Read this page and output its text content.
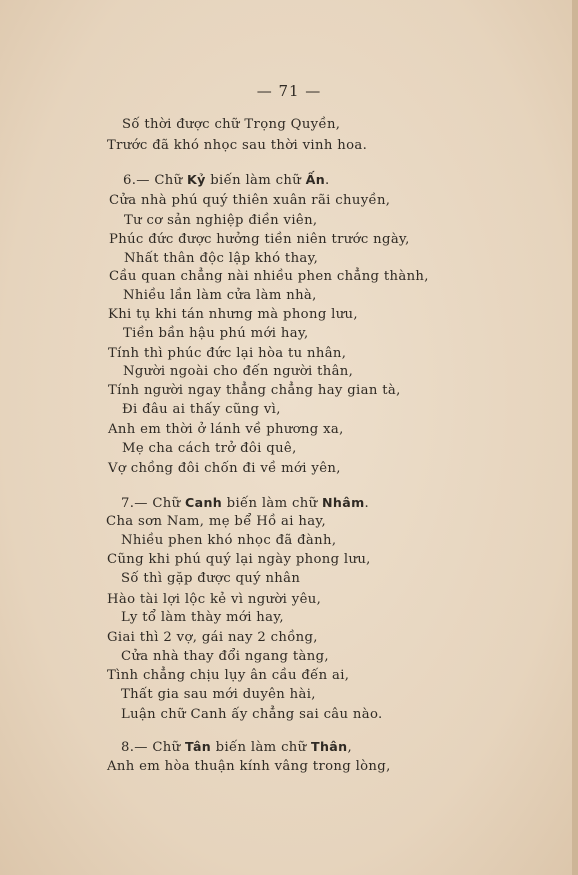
— 71 —
Số thời được chữ Trọng Quyền,
Trước đã khó nhọc sau thời vinh hoa.
6.— Chữ Kỷ biến làm chữ Ấn.
Cửa nhà phú quý thiên xuân rãi chuyền,
Tư cơ sản nghiệp điền viên,
Phúc đức được hưởng tiền niên trước ngày,
Nhất thân độc lập khó thay,
Cầu quan chẳng nài nhiều phen chẳng thành,
Nhiều lần làm cửa làm nhà,
Khi tụ khi tán nhưng mà phong lưu,
Tiền bần hậu phú mới hay,
Tính thì phúc đức lại hòa tu nhân,
Người ngoài cho đến người thân,
Tính người ngay thẳng chẳng hay gian tà,
Đi đâu ai thấy cũng vì,
Anh em thời ở lánh về phương xa,
Mẹ cha cách trở đôi quê,
Vợ chồng đôi chốn đi về mới yên,
7.— Chữ Canh biến làm chữ Nhâm.
Cha sơn Nam, mẹ bể Hồ ai hay,
Nhiều phen khó nhọc đã đành,
Cũng khi phú quý lại ngày phong lưu,
Số thì gặp được quý nhân
Hào tài lợi lộc kẻ vì người yêu,
Ly tổ làm thày mới hay,
Giai thì 2 vợ, gái nay 2 chồng,
Cửa nhà thay đổi ngang tàng,
Tình chẳng chịu lụy ân cầu đến ai,
Thất gia sau mới duyên hài,
Luận chữ Canh ấy chẳng sai câu nào.
8.— Chữ Tân biến làm chữ Thân,
Anh em hòa thuận kính vâng trong lòng,
